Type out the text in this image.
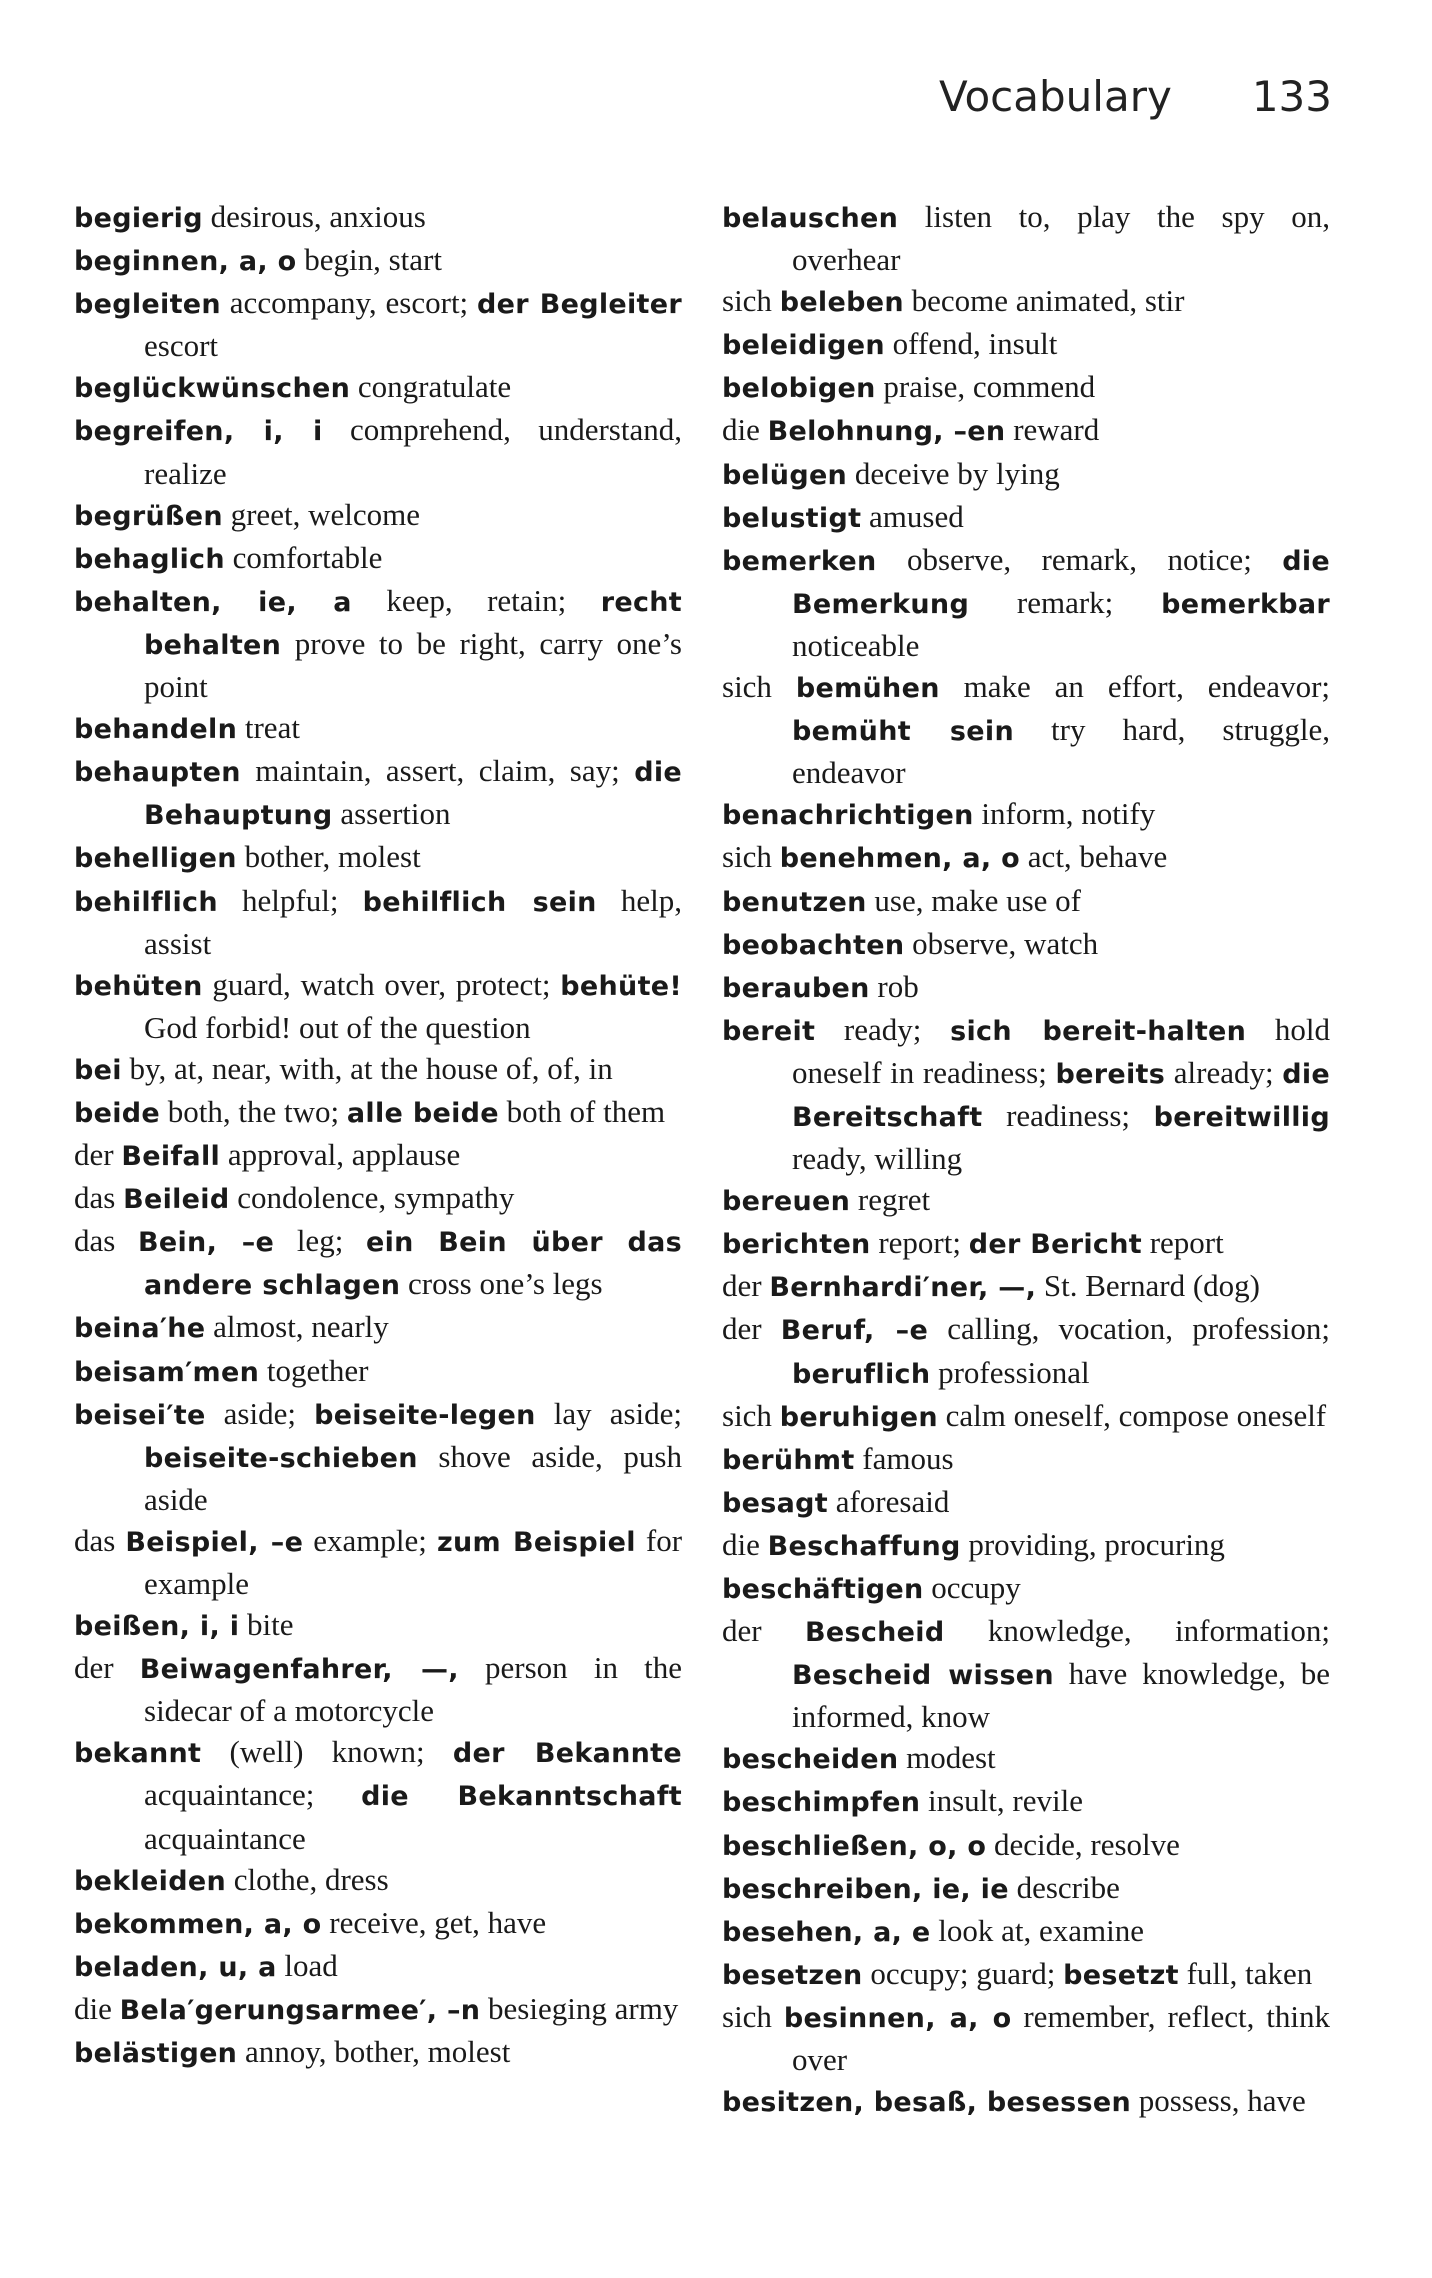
Vocabulary 133

begierig desirous, anxious

beginnen, a, o begin, start

begleiten accompany, escort; der Begleiter escort

beglückwünschen congratulate

begreifen, i, i comprehend, understand, realize

begrüßen greet, welcome

behaglich comfortable

behalten, ie, a keep, retain; recht behalten prove to be right, carry one’s point

behandeln treat

behaupten maintain, assert, claim, say; die Behauptung assertion

behelligen bother, molest

behilflich helpful; behilflich sein help, assist

behüten guard, watch over, protect; behüte! God forbid! out of the question

bei by, at, near, with, at the house of, of, in

beide both, the two; alle beide both of them

der Beifall approval, applause

das Beileid condolence, sympathy

das Bein, –e leg; ein Bein über das andere schlagen cross one’s legs

beina′he almost, nearly

beisam′men together

beisei′te aside; beiseite-legen lay aside; beiseite-schieben shove aside, push aside

das Beispiel, –e example; zum Beispiel for example

beißen, i, i bite

der Beiwagenfahrer, —, person in the sidecar of a motorcycle

bekannt (well) known; der Bekannte acquaintance; die Bekanntschaft acquaintance

bekleiden clothe, dress

bekommen, a, o receive, get, have

beladen, u, a load

die Bela′gerungsarmee′, –n besieging army

belästigen annoy, bother, molest

belauschen listen to, play the spy on, overhear

sich beleben become animated, stir

beleidigen offend, insult

belobigen praise, commend

die Belohnung, –en reward

belügen deceive by lying

belustigt amused

bemerken observe, remark, notice; die Bemerkung remark; bemerkbar noticeable

sich bemühen make an effort, endeavor; bemüht sein try hard, struggle, endeavor

benachrichtigen inform, notify

sich benehmen, a, o act, behave

benutzen use, make use of

beobachten observe, watch

berauben rob

bereit ready; sich bereit-halten hold oneself in readiness; bereits already; die Bereitschaft readiness; bereitwillig ready, willing

bereuen regret

berichten report; der Bericht report

der Bernhardi′ner, —, St. Bernard (dog)

der Beruf, –e calling, vocation, profession; beruflich professional

sich beruhigen calm oneself, compose oneself

berühmt famous

besagt aforesaid

die Beschaffung providing, procuring

beschäftigen occupy

der Bescheid knowledge, information; Bescheid wissen have knowledge, be informed, know

bescheiden modest

beschimpfen insult, revile

beschließen, o, o decide, resolve

beschreiben, ie, ie describe

besehen, a, e look at, examine

besetzen occupy; guard; besetzt full, taken

sich besinnen, a, o remember, reflect, think over

besitzen, besaß, besessen possess, have
